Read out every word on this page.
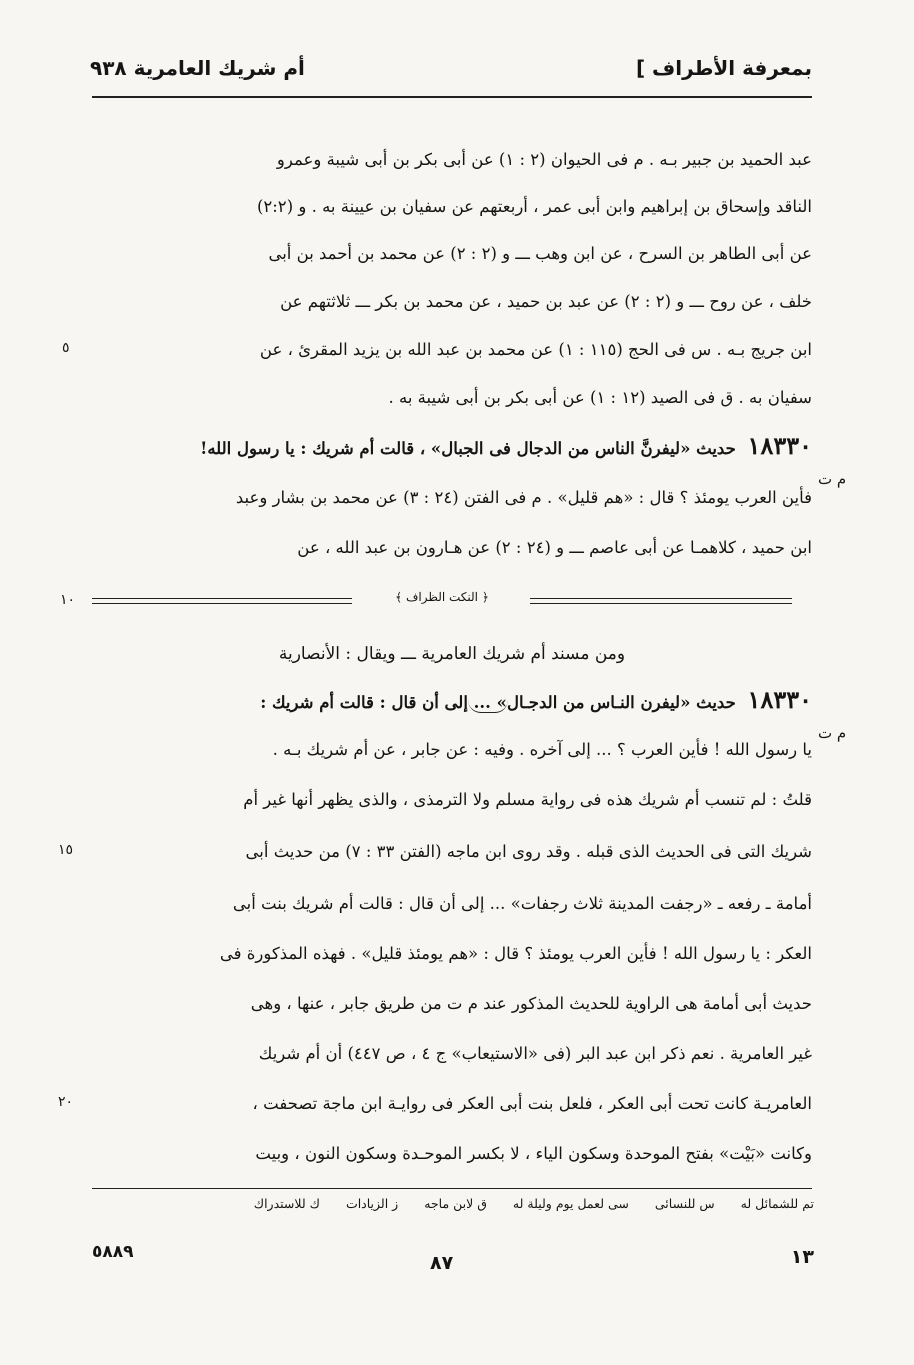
بمعرفة الأطراف ]
أم شريك العامرية ٩٣٨
عبد الحميد بن جبير بـه . م فى الحيوان (٢ : ١) عن أبى بكر بن أبى شيبة وعمرو
الناقد وإسحاق بن إبراهيم وابن أبى عمر ، أربعتهم عن سفيان بن عيينة به . و (٢:٢)
عن أبى الطاهر بن السرح ، عن ابن وهب ـــ و (٢ : ٢) عن محمد بن أحمد بن أبى
خلف ، عن روح ـــ و (٢ : ٢) عن عبد بن حميد ، عن محمد بن بكر ـــ ثلاثتهم عن
ابن جريج بـه . س فى الحج (١١٥ : ١) عن محمد بن عبد الله بن يزيد المقرئ ، عن
سفيان به . ق فى الصيد (١٢ : ١) عن أبى بكر بن أبى شيبة به .
١٨٣٣٠ حديث «ليفرنَّ الناس من الدجال فى الجبال» ، قالت أم شريك : يا رسول الله!
فأين العرب يومئذ ؟ قال : «هم قليل» . م فى الفتن (٢٤ : ٣) عن محمد بن بشار وعبد
ابن حميد ، كلاهمـا عن أبى عاصم ـــ و (٢٤ : ٢) عن هـارون بن عبد الله ، عن
﴿ النكت الظراف ﴾
ومن مسند أم شريك العامرية ـــ ويقال : الأنصارية
١٨٣٣٠ حديث «ليفرن النـاس من الدجـال» ... إلى أن قال : قالت أم شريك :
يا رسول الله ! فأين العرب ؟ ... إلى آخره . وفيه : عن جابر ، عن أم شريك بـه .
قلتُ : لم تنسب أم شريك هذه فى رواية مسلم ولا الترمذى ، والذى يظهر أنها غير أم
شريك التى فى الحديث الذى قبله . وقد روى ابن ماجه (الفتن ٣٣ : ٧) من حديث أبى
أمامة ـ رفعه ـ «رجفت المدينة ثلاث رجفات» ... إلى أن قال : قالت أم شريك بنت أبى
العكر : يا رسول الله ! فأين العرب يومئذ ؟ قال : «هم يومئذ قليل» . فهذه المذكورة فى
حديث أبى أمامة هى الراوية للحديث المذكور عند م ت من طريق جابر ، عنها ، وهى
غير العامرية . نعم ذكر ابن عبد البر (فى «الاستيعاب» ج ٤ ، ص ٤٤٧) أن أم شريك
العامريـة كانت تحت أبى العكر ، فلعل بنت أبى العكر فى روايـة ابن ماجة تصحفت ،
وكانت «بَيْت» بفتح الموحدة وسكون الياء ، لا بكسر الموحـدة وسكون النون ، وبيت
٥
١٠
١٥
٢٠
م ت
م ت
تم للشمائل له س للنسائى سى لعمل يوم وليلة له ق لابن ماجه ز الزيادات ك للاستدراك
١٣
٨٧
٥٨٨٩
